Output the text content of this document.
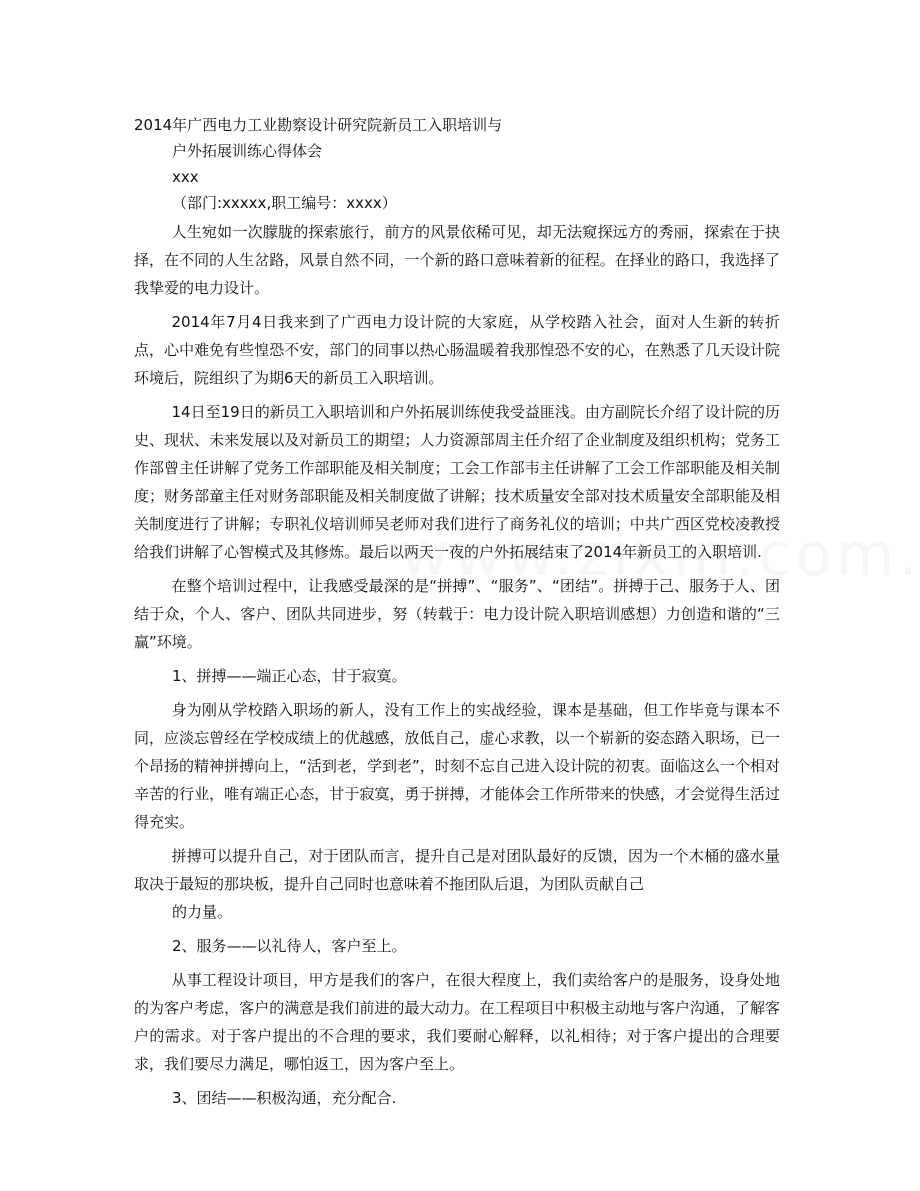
2014年广西电力工业勘察设计研究院新员工入职培训与
户外拓展训练心得体会
xxx
（部门:xxxxx,职工编号：xxxx）

人生宛如一次朦胧的探索旅行，前方的风景依稀可见，却无法窥探远方的秀丽，探索在于抉择，在不同的人生岔路，风景自然不同，一个新的路口意味着新的征程。在择业的路口，我选择了我挚爱的电力设计。

2014年7月4日我来到了广西电力设计院的大家庭，从学校踏入社会，面对人生新的转折点，心中难免有些惶恐不安，部门的同事以热心肠温暖着我那惶恐不安的心，在熟悉了几天设计院环境后，院组织了为期6天的新员工入职培训。

14日至19日的新员工入职培训和户外拓展训练使我受益匪浅。由方副院长介绍了设计院的历史、现状、未来发展以及对新员工的期望；人力资源部周主任介绍了企业制度及组织机构；党务工作部曾主任讲解了党务工作部职能及相关制度；工会工作部韦主任讲解了工会工作部职能及相关制度；财务部童主任对财务部职能及相关制度做了讲解；技术质量安全部对技术质量安全部职能及相关制度进行了讲解；专职礼仪培训师吴老师对我们进行了商务礼仪的培训；中共广西区党校凌教授给我们讲解了心智模式及其修炼。最后以两天一夜的户外拓展结束了2014年新员工的入职培训.

在整个培训过程中，让我感受最深的是“拼搏”、“服务”、“团结”。拼搏于己、服务于人、团结于众，个人、客户、团队共同进步，努（转载于：电力设计院入职培训感想）力创造和谐的“三赢”环境。

1、拼搏——端正心态，甘于寂寞。

身为刚从学校踏入职场的新人，没有工作上的实战经验，课本是基础，但工作毕竟与课本不同，应淡忘曾经在学校成绩上的优越感，放低自己，虚心求教，以一个崭新的姿态踏入职场，已一个昂扬的精神拼搏向上，“活到老，学到老”，时刻不忘自己进入设计院的初衷。面临这么一个相对辛苦的行业，唯有端正心态，甘于寂寞，勇于拼搏，才能体会工作所带来的快感，才会觉得生活过得充实。

拼搏可以提升自己，对于团队而言，提升自己是对团队最好的反馈，因为一个木桶的盛水量取决于最短的那块板，提升自己同时也意味着不拖团队后退，为团队贡献自己

的力量。
2、服务——以礼待人，客户至上。

从事工程设计项目，甲方是我们的客户，在很大程度上，我们卖给客户的是服务，设身处地的为客户考虑，客户的满意是我们前进的最大动力。在工程项目中积极主动地与客户沟通，了解客户的需求。对于客户提出的不合理的要求，我们要耐心解释，以礼相待；对于客户提出的合理要求，我们要尽力满足，哪怕返工，因为客户至上。

3、团结——积极沟通，充分配合.
